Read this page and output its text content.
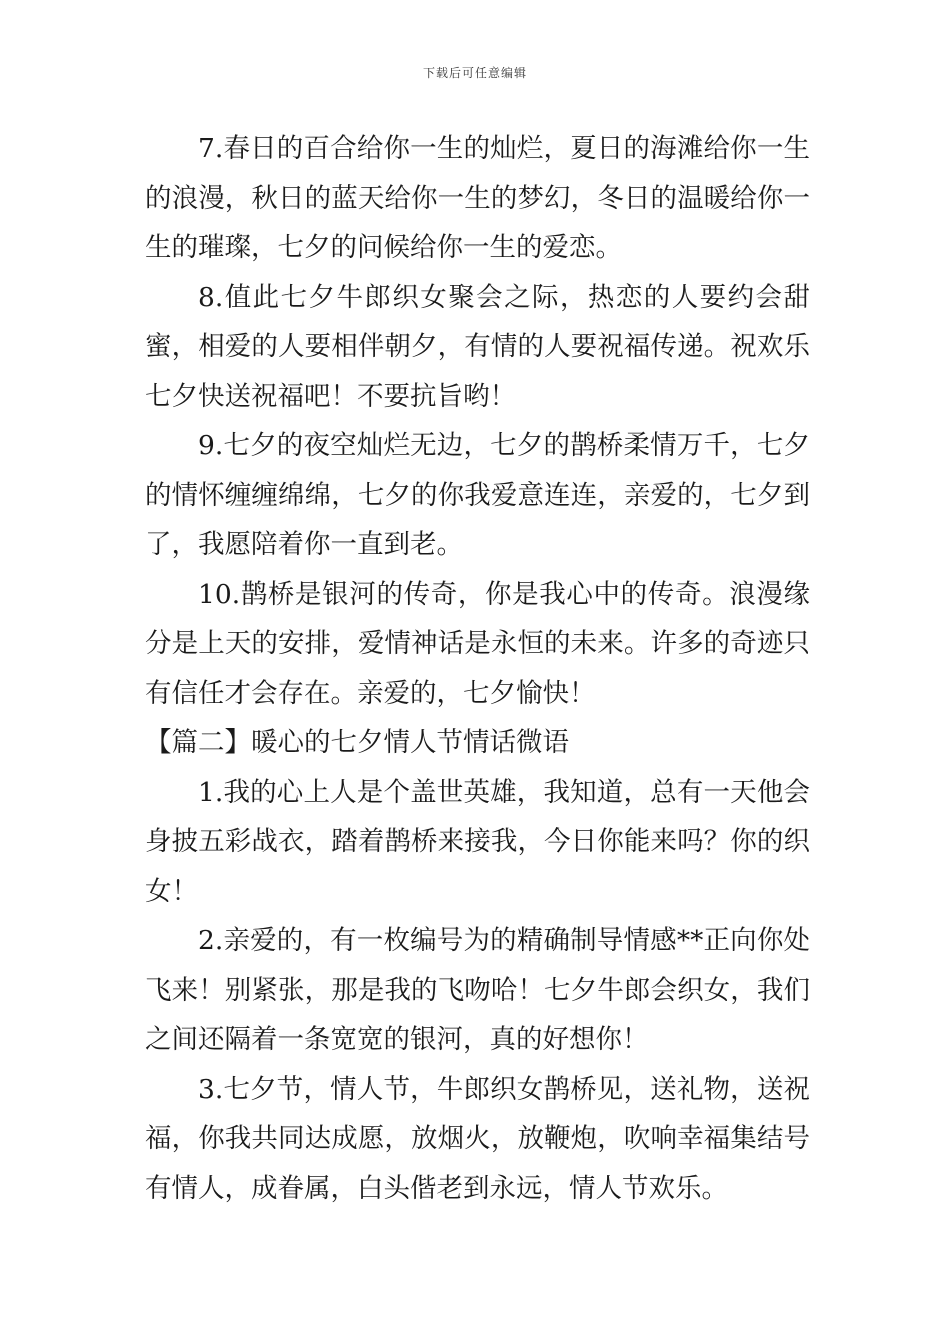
下载后可任意编辑

7.春日的百合给你一生的灿烂，夏日的海滩给你一生的浪漫，秋日的蓝天给你一生的梦幻，冬日的温暖给你一生的璀璨，七夕的问候给你一生的爱恋。

8.值此七夕牛郎织女聚会之际，热恋的人要约会甜蜜，相爱的人要相伴朝夕，有情的人要祝福传递。祝欢乐七夕快送祝福吧！不要抗旨哟！

9.七夕的夜空灿烂无边，七夕的鹊桥柔情万千，七夕的情怀缠缠绵绵，七夕的你我爱意连连，亲爱的，七夕到了，我愿陪着你一直到老。

10.鹊桥是银河的传奇，你是我心中的传奇。浪漫缘分是上天的安排，爱情神话是永恒的未来。许多的奇迹只有信任才会存在。亲爱的，七夕愉快！

【篇二】暖心的七夕情人节情话微语

1.我的心上人是个盖世英雄，我知道，总有一天他会身披五彩战衣，踏着鹊桥来接我，今日你能来吗？你的织女！

2.亲爱的，有一枚编号为的精确制导情感**正向你处飞来！别紧张，那是我的飞吻哈！七夕牛郎会织女，我们之间还隔着一条宽宽的银河，真的好想你！

3.七夕节，情人节，牛郎织女鹊桥见，送礼物，送祝福，你我共同达成愿，放烟火，放鞭炮，吹响幸福集结号有情人，成眷属，白头偕老到永远，情人节欢乐。
